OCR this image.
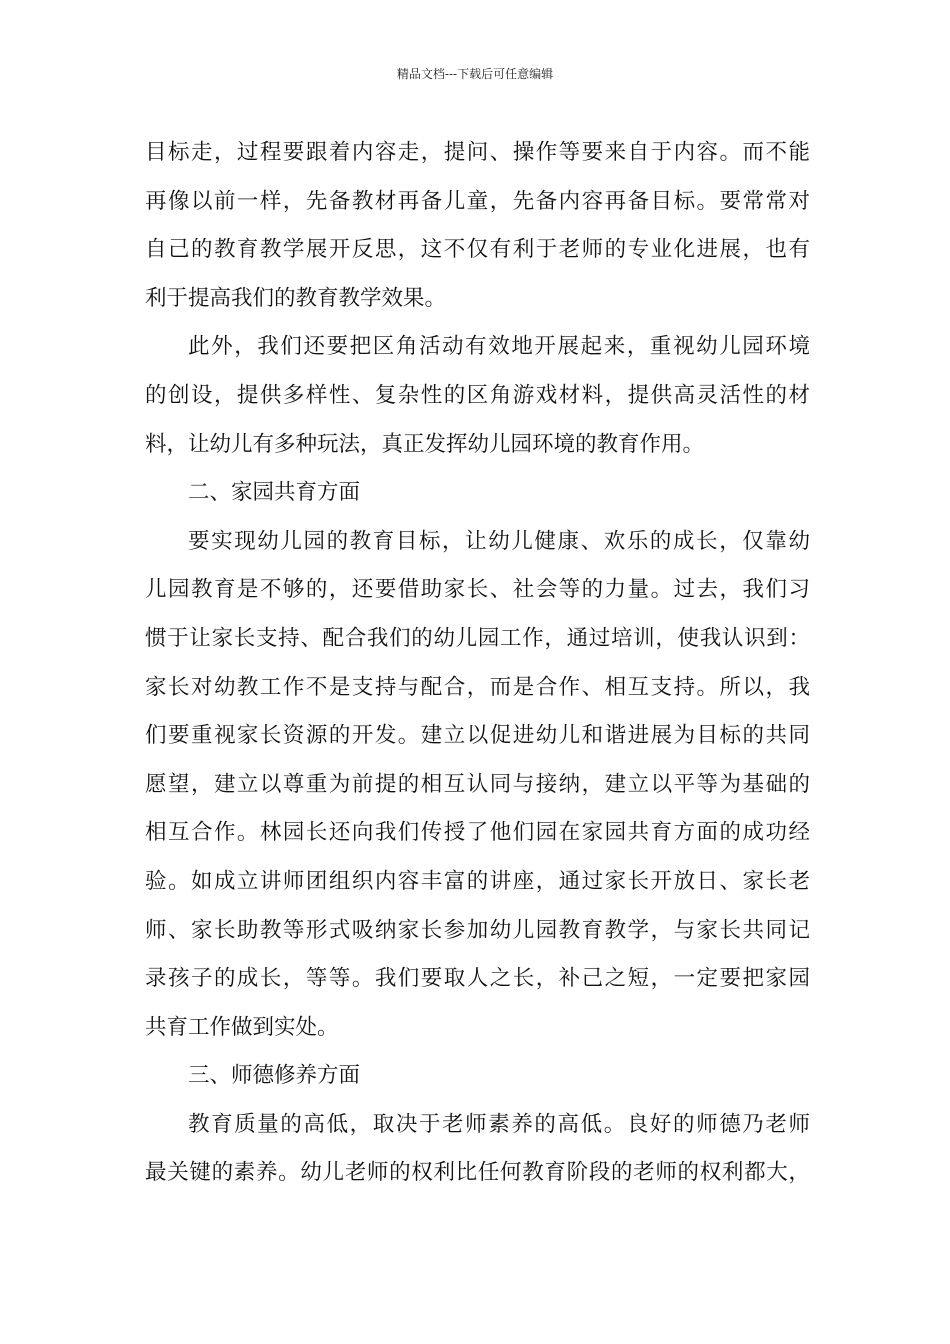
精品文档---下载后可任意编辑
目标走，过程要跟着内容走，提问、操作等要来自于内容。而不能
再像以前一样，先备教材再备儿童，先备内容再备目标。要常常对
自己的教育教学展开反思，这不仅有利于老师的专业化进展，也有
利于提高我们的教育教学效果。
此外，我们还要把区角活动有效地开展起来，重视幼儿园环境
的创设，提供多样性、复杂性的区角游戏材料，提供高灵活性的材
料，让幼儿有多种玩法，真正发挥幼儿园环境的教育作用。
二、家园共育方面
要实现幼儿园的教育目标，让幼儿健康、欢乐的成长，仅靠幼
儿园教育是不够的，还要借助家长、社会等的力量。过去，我们习
惯于让家长支持、配合我们的幼儿园工作，通过培训，使我认识到：
家长对幼教工作不是支持与配合，而是合作、相互支持。所以，我
们要重视家长资源的开发。建立以促进幼儿和谐进展为目标的共同
愿望，建立以尊重为前提的相互认同与接纳，建立以平等为基础的
相互合作。林园长还向我们传授了他们园在家园共育方面的成功经
验。如成立讲师团组织内容丰富的讲座，通过家长开放日、家长老
师、家长助教等形式吸纳家长参加幼儿园教育教学，与家长共同记
录孩子的成长，等等。我们要取人之长，补己之短，一定要把家园
共育工作做到实处。
三、师德修养方面
教育质量的高低，取决于老师素养的高低。良好的师德乃老师
最关键的素养。幼儿老师的权利比任何教育阶段的老师的权利都大，
